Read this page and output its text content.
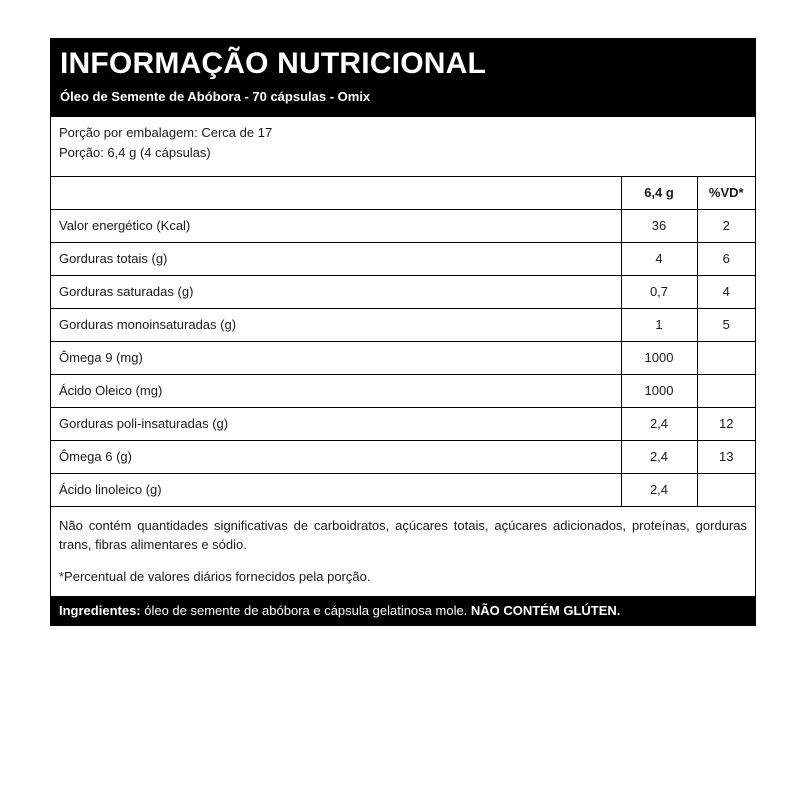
INFORMAÇÃO NUTRICIONAL
Óleo de Semente de Abóbora - 70 cápsulas - Omix
Porção por embalagem: Cerca de 17
Porção: 6,4 g (4 cápsulas)
	6,4 g	%VD*
Valor energético (Kcal)	36	2
Gorduras totais (g)	4	6
Gorduras saturadas (g)	0,7	4
Gorduras monoinsaturadas (g)	1	5
Ômega 9 (mg)	1000	
Ácido Oleico (mg)	1000	
Gorduras poli-insaturadas (g)	2,4	12
Ômega 6 (g)	2,4	13
Ácido linoleico (g)	2,4	
Não contém quantidades significativas de carboidratos, açúcares totais, açúcares adicionados, proteínas, gorduras trans, fibras alimentares e sódio.
*Percentual de valores diários fornecidos pela porção.
Ingredientes: óleo de semente de abóbora e cápsula gelatinosa mole. NÃO CONTÉM GLÚTEN.
